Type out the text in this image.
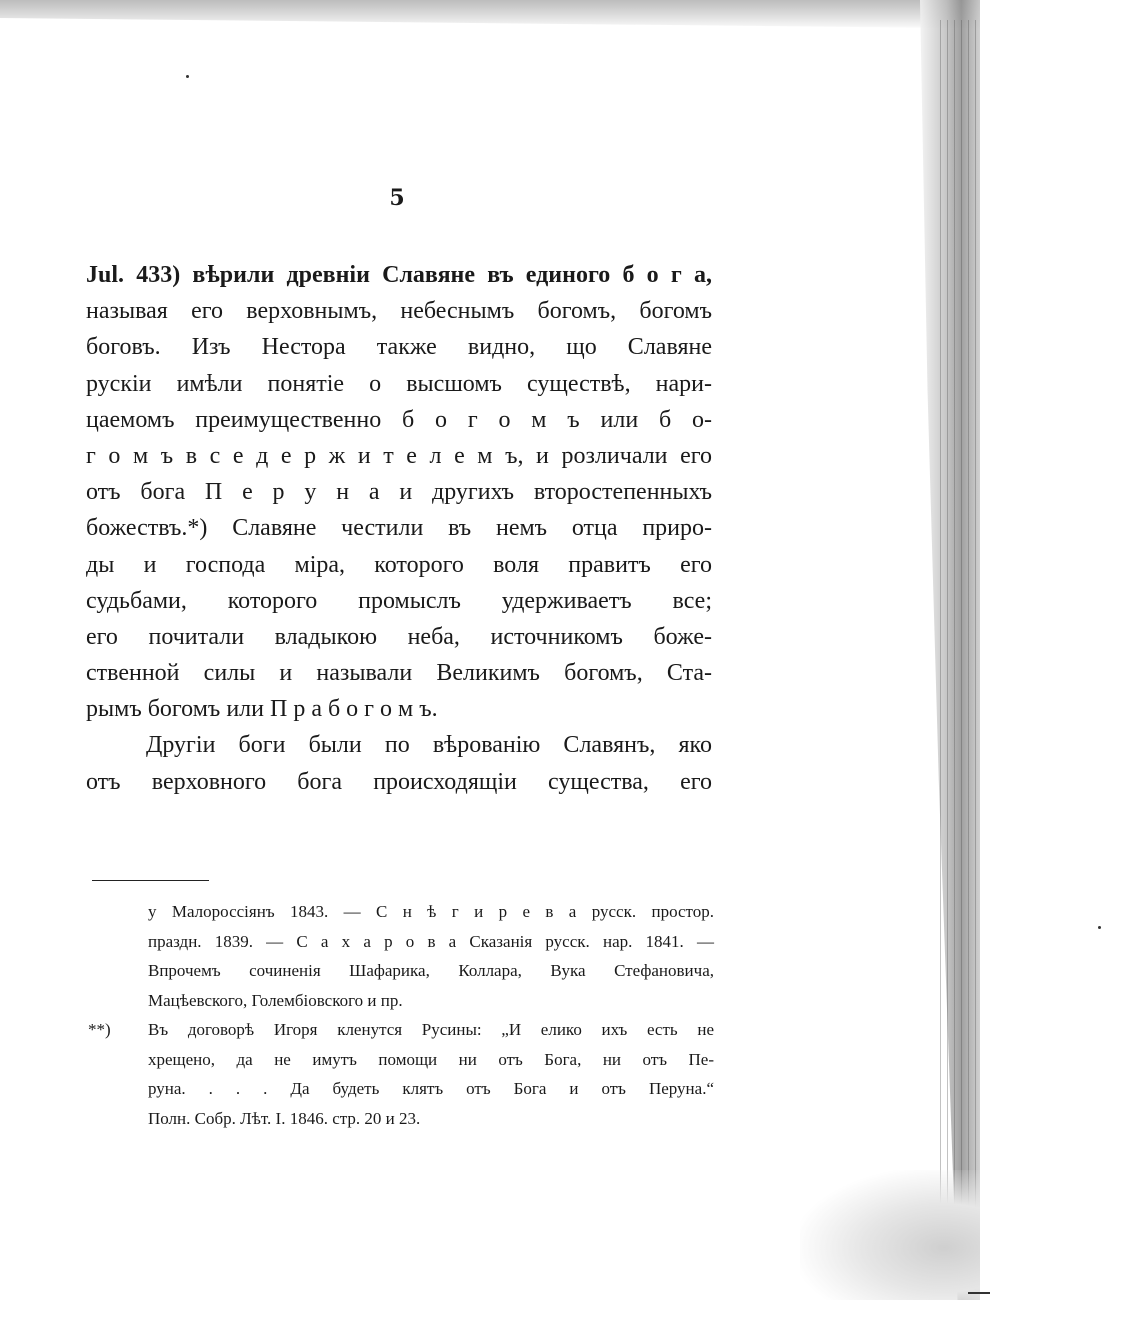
5
Jul. 433) вѣрили древніи Славяне въ единого б о г а,
называя его верховнымъ, небеснымъ богомъ, богомъ
боговъ. Изъ Нестора также видно, що Славяне
рускіи имѣли понятіе о высшомъ существѣ, нари-
цаемомъ преимущественно б о г о м ъ или б о-
г о м ъ в с е д е р ж и т е л е м ъ, и розличали его
отъ бога П е р у н а и другихъ второстепенныхъ
божествъ.*) Славяне честили въ немъ отца приро-
ды и господа міра, которого воля правитъ его
судьбами, которого промыслъ удерживаетъ все;
его почитали владыкою неба, источникомъ боже-
ственной силы и называли Великимъ богомъ, Ста-
рымъ богомъ или П р а б о г о м ъ.
Другіи боги были по вѣрованію Славянъ, яко
отъ верховного бога происходящіи существа, его
у Малороссіянъ 1843. — С н ѣ г и р е в а русск. простор.
праздн. 1839. — С а х а р о в а Сказанія русск. нар. 1841. —
Впрочемъ сочиненія Шафарика, Коллара, Вука Стефановича,
Мацѣевского, Голембіовского и пр.
**)	Въ договорѣ Игоря кленутся Русины: „И елико ихъ есть не
хрещено, да не имутъ помощи ни отъ Бога, ни отъ Пе-
руна. . . . Да будеть клятъ отъ Бога и отъ Перуна.“
Полн. Собр. Лѣт. I. 1846. стр. 20 и 23.
